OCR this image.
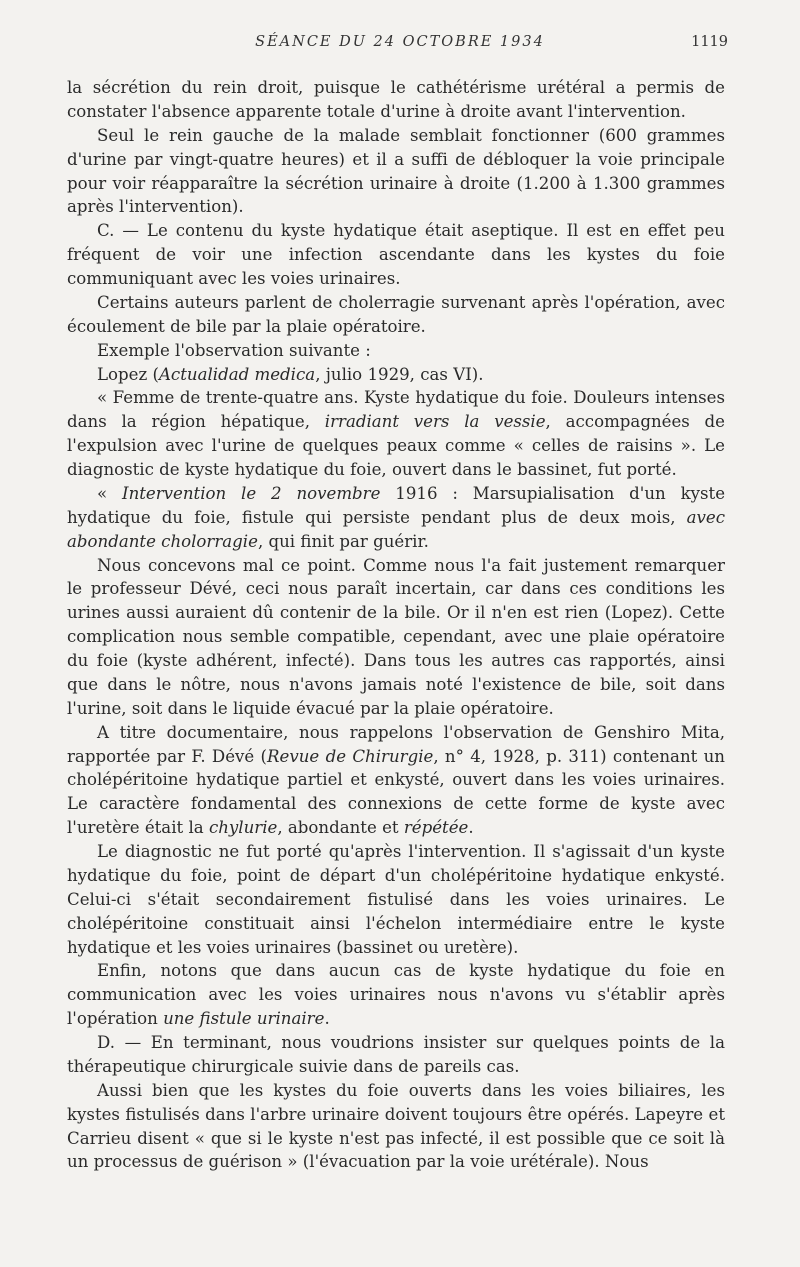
SÉANCE DU 24 OCTOBRE 1934	1119

la sécrétion du rein droit, puisque le cathétérisme urétéral a permis de constater l'absence apparente totale d'urine à droite avant l'intervention.

Seul le rein gauche de la malade semblait fonctionner (600 grammes d'urine par vingt-quatre heures) et il a suffi de débloquer la voie principale pour voir réapparaître la sécrétion urinaire à droite (1.200 à 1.300 grammes après l'intervention).

C. — Le contenu du kyste hydatique était aseptique. Il est en effet peu fréquent de voir une infection ascendante dans les kystes du foie communiquant avec les voies urinaires.

Certains auteurs parlent de cholerragie survenant après l'opération, avec écoulement de bile par la plaie opératoire.

Exemple l'observation suivante :

Lopez (Actualidad medica, julio 1929, cas VI).

« Femme de trente-quatre ans. Kyste hydatique du foie. Douleurs intenses dans la région hépatique, irradiant vers la vessie, accompagnées de l'expulsion avec l'urine de quelques peaux comme « celles de raisins ». Le diagnostic de kyste hydatique du foie, ouvert dans le bassinet, fut porté.

« Intervention le 2 novembre 1916 : Marsupialisation d'un kyste hydatique du foie, fistule qui persiste pendant plus de deux mois, avec abondante cholorragie, qui finit par guérir.

Nous concevons mal ce point. Comme nous l'a fait justement remarquer le professeur Dévé, ceci nous paraît incertain, car dans ces conditions les urines aussi auraient dû contenir de la bile. Or il n'en est rien (Lopez). Cette complication nous semble compatible, cependant, avec une plaie opératoire du foie (kyste adhérent, infecté). Dans tous les autres cas rapportés, ainsi que dans le nôtre, nous n'avons jamais noté l'existence de bile, soit dans l'urine, soit dans le liquide évacué par la plaie opératoire.

A titre documentaire, nous rappelons l'observation de Genshiro Mita, rapportée par F. Dévé (Revue de Chirurgie, n° 4, 1928, p. 311) contenant un cholépéritoine hydatique partiel et enkysté, ouvert dans les voies urinaires. Le caractère fondamental des connexions de cette forme de kyste avec l'uretère était la chylurie, abondante et répétée.

Le diagnostic ne fut porté qu'après l'intervention. Il s'agissait d'un kyste hydatique du foie, point de départ d'un cholépéritoine hydatique enkysté. Celui-ci s'était secondairement fistulisé dans les voies urinaires. Le cholépéritoine constituait ainsi l'échelon intermédiaire entre le kyste hydatique et les voies urinaires (bassinet ou uretère).

Enfin, notons que dans aucun cas de kyste hydatique du foie en communication avec les voies urinaires nous n'avons vu s'établir après l'opération une fistule urinaire.

D. — En terminant, nous voudrions insister sur quelques points de la thérapeutique chirurgicale suivie dans de pareils cas.

Aussi bien que les kystes du foie ouverts dans les voies biliaires, les kystes fistulisés dans l'arbre urinaire doivent toujours être opérés. Lapeyre et Carrieu disent « que si le kyste n'est pas infecté, il est possible que ce soit là un processus de guérison » (l'évacuation par la voie urétérale). Nous
